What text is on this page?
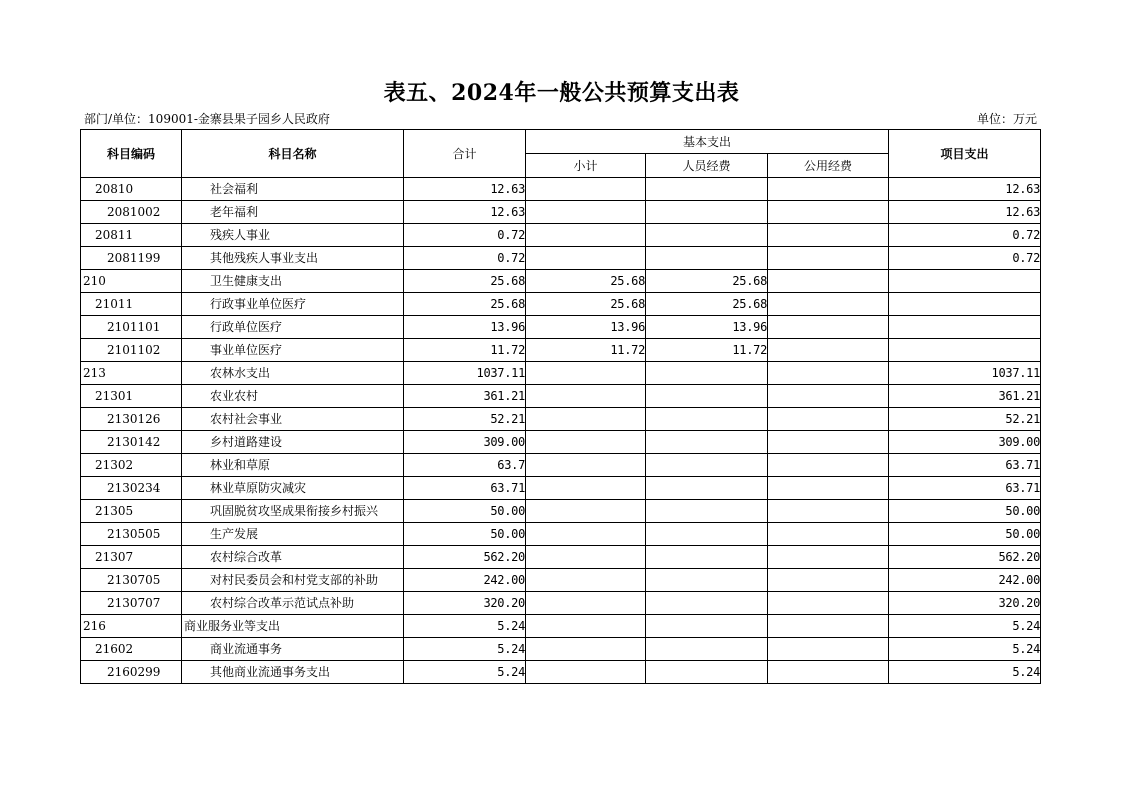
表五、2024年一般公共预算支出表
部门/单位：109001-金寨县果子园乡人民政府	单位：万元
科目编码	科目名称	合计	基本支出			项目支出
			小计	人员经费	公用经费	
20810	社会福利	12.63				12.63
2081002	老年福利	12.63				12.63
20811	残疾人事业	0.72				0.72
2081199	其他残疾人事业支出	0.72				0.72
210	卫生健康支出	25.68	25.68	25.68		
21011	行政事业单位医疗	25.68	25.68	25.68		
2101101	行政单位医疗	13.96	13.96	13.96		
2101102	事业单位医疗	11.72	11.72	11.72		
213	农林水支出	1037.11				1037.11
21301	农业农村	361.21				361.21
2130126	农村社会事业	52.21				52.21
2130142	乡村道路建设	309.00				309.00
21302	林业和草原	63.7				63.71
2130234	林业草原防灾减灾	63.71				63.71
21305	巩固脱贫攻坚成果衔接乡村振兴	50.00				50.00
2130505	生产发展	50.00				50.00
21307	农村综合改革	562.20				562.20
2130705	对村民委员会和村党支部的补助	242.00				242.00
2130707	农村综合改革示范试点补助	320.20				320.20
216	商业服务业等支出	5.24				5.24
21602	商业流通事务	5.24				5.24
2160299	其他商业流通事务支出	5.24				5.24
